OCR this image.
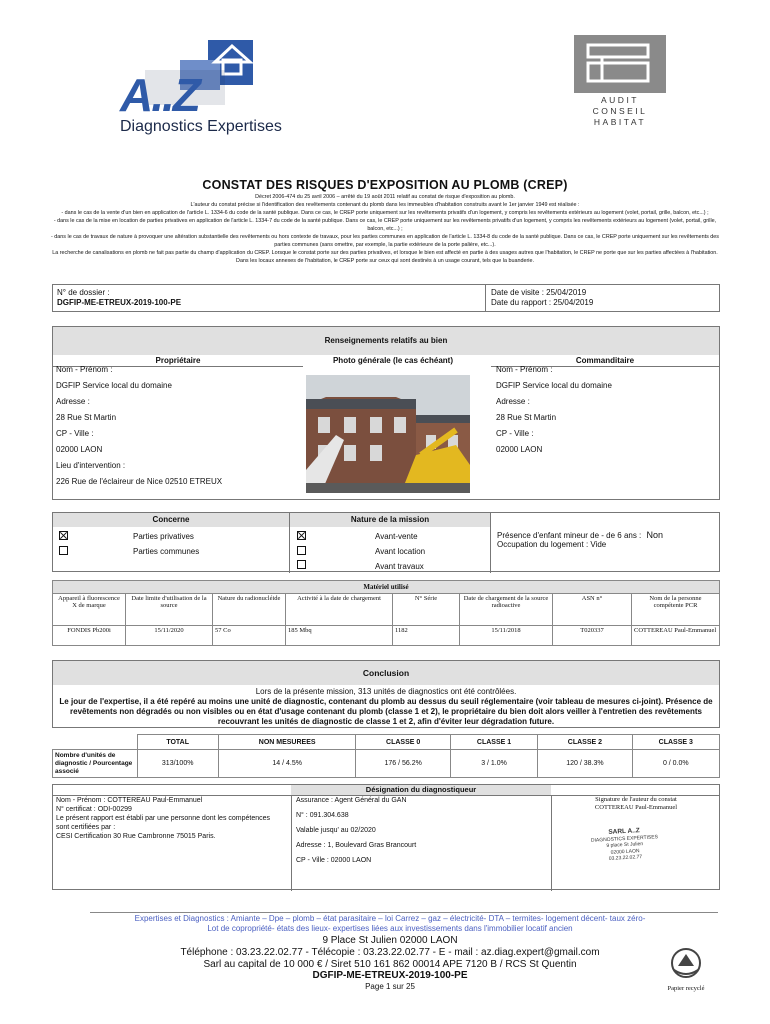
A..Z
Diagnostics Expertises
AUDIT
CONSEIL
HABITAT
CONSTAT DES RISQUES D'EXPOSITION AU PLOMB (CREP)
Décret 2006-474 du 25 avril 2006 – arrêté du 19 août 2011 relatif au constat de risque d'exposition au plomb.
L'auteur du constat précise si l'identification des revêtements contenant du plomb dans les immeubles d'habitation construits avant le 1er janvier 1949 est réalisée :
- dans le cas de la vente d'un bien en application de l'article L. 1334-6 du code de la santé publique. Dans ce cas, le CREP porte uniquement sur les revêtements privatifs d'un logement, y compris les revêtements extérieurs au logement (volet, portail, grille, balcon, etc...) ;
- dans le cas de la mise en location de parties privatives en application de l'article L. 1334-7 du code de la santé publique. Dans ce cas, le CREP porte uniquement sur les revêtements privatifs d'un logement, y compris les revêtements extérieurs au logement (volet, portail, grille, balcon, etc...) ;
- dans le cas de travaux de nature à provoquer une altération substantielle des revêtements ou hors contexte de travaux, pour les parties communes en application de l'article L. 1334-8 du code de la santé publique. Dans ce cas, le CREP porte uniquement sur les revêtements des parties communes (sans omettre, par exemple, la partie extérieure de la porte palière, etc...).
La recherche de canalisations en plomb ne fait pas partie du champ d'application du CREP. Lorsque le constat porte sur des parties privatives, et lorsque le bien est affecté en partie à des usages autres que l'habitation, le CREP ne porte que sur les parties affectées à l'habitation. Dans les locaux annexes de l'habitation, le CREP porte sur ceux qui sont destinés à un usage courant, tels que la buanderie.
N° de dossier :
DGFIP-ME-ETREUX-2019-100-PE
Date de visite : 25/04/2019
Date du rapport : 25/04/2019
Renseignements relatifs au bien
Propriétaire	Photo générale (le cas échéant)	Commanditaire
Nom - Prénom :
DGFIP Service local du domaine
Adresse :
28 Rue St Martin
CP - Ville :
02000 LAON
Lieu d'intervention :
226 Rue de l'éclaireur de Nice 02510 ETREUX
Nom - Prénom :
DGFIP Service local du domaine
Adresse :
28 Rue St Martin
CP - Ville :
02000 LAON
Concerne	Nature de la mission
Parties privatives
Parties communes
Avant-vente
Avant location
Avant travaux
Présence d'enfant mineur de - de 6 ans : Non
Occupation du logement : Vide
Matériel utilisé
Appareil à fluorescence X de marque	Date limite d'utilisation de la source	Nature du radionucléide	Activité à la date de chargement	N° Série	Date de chargement de la source radioactive	ASN n°	Nom de la personne compétente PCR
FONDIS Pb200i	15/11/2020	57 Co	185 Mbq	1182	15/11/2018	T020337	COTTEREAU Paul-Emmanuel
Conclusion
Lors de la présente mission, 313 unités de diagnostics ont été contrôlées.
Le jour de l'expertise, il a été repéré au moins une unité de diagnostic, contenant du plomb au dessus du seuil réglementaire (voir tableau de mesures ci-joint). Présence de revêtements non dégradés ou non visibles ou en état d'usage contenant du plomb (classe 1 et 2), le propriétaire du bien doit alors veiller à l'entretien des revêtements recouvrant les unités de diagnostic de classe 1 et 2, afin d'éviter leur dégradation future.
	TOTAL	NON MESUREES	CLASSE 0	CLASSE 1	CLASSE 2	CLASSE 3
Nombre d'unités de diagnostic / Pourcentage associé	313/100%	14 / 4.5%	176 / 56.2%	3 / 1.0%	120 / 38.3%	0 / 0.0%
Désignation du diagnostiqueur
Nom - Prénom : COTTEREAU Paul-Emmanuel
N° certificat : ODI-00299
Le présent rapport est établi par une personne dont les compétences sont certifiées par :
CESI Certification 30 Rue Cambronne 75015 Paris.
Assurance : Agent Général du GAN
N° : 091.304.638
Valable jusqu' au 02/2020
Adresse : 1, Boulevard Gras Brancourt
CP - Ville : 02000 LAON
Signature de l'auteur du constat
COTTEREAU Paul-Emmanuel
SARL A..Z
DIAGNOSTICS EXPERTISES
9 place St Julien
02000 LAON
03.23.22.02.77
Expertises et Diagnostics : Amiante – Dpe – plomb – état parasitaire – loi Carrez – gaz – électricité- DTA – termites- logement décent- taux zéro-
Lot de copropriété- états des lieux- expertises liées aux investissements dans l'immobilier locatif ancien
9 Place St Julien 02000 LAON
Téléphone : 03.23.22.02.77 - Télécopie : 03.23.22.02.77 - E - mail : az.diag.expert@gmail.com
Sarl au capital de 10 000 € / Siret 510 161 862 00014 APE 7120 B / RCS St Quentin
DGFIP-ME-ETREUX-2019-100-PE
Page 1 sur 25	Papier recyclé
